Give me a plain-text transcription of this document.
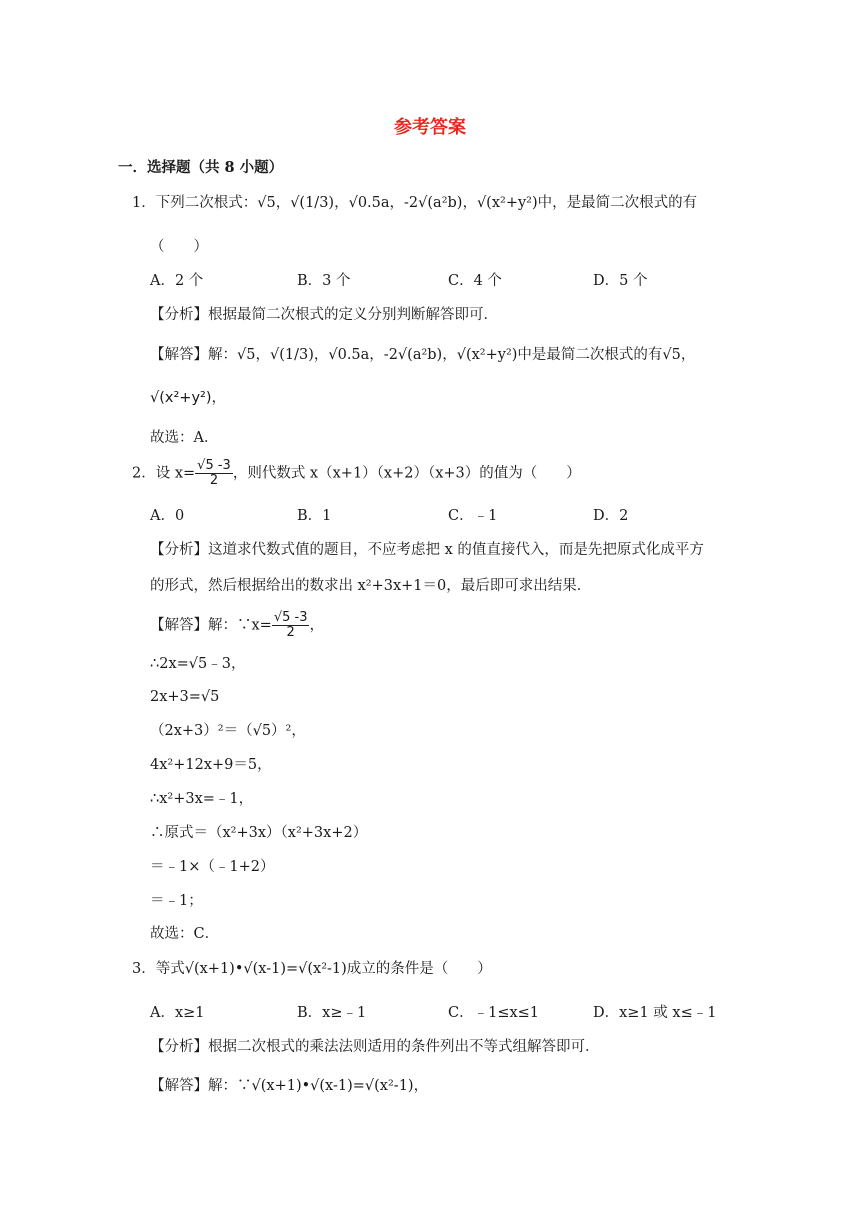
参考答案
一．选择题（共 8 小题）
1．下列二次根式：√5，√(1/3)，√0.5a，-2√(a²b)，√(x²+y²)中，是最简二次根式的有
（　　）
A．2 个	B．3 个	C．4 个	D．5 个
【分析】根据最简二次根式的定义分别判断解答即可．
【解答】解：√5，√(1/3)，√0.5a，-2√(a²b)，√(x²+y²)中是最简二次根式的有√5，
√(x²+y²)，
故选：A．
2．设 $x= \frac{√5 -3}{2}$ ，则代数式 x（x+1）（x+2）（x+3）的值为（　　）
A．0	B．1	C．﹣1	D．2
【分析】这道求代数式值的题目，不应考虑把 x 的值直接代入，而是先把原式化成平方
的形式，然后根据给出的数求出 x²+3x+1＝0，最后即可求出结果．
【解答】解：∵x= $\frac{√5 -3}{2}$ ，
∴2x=√5﹣3，
2x+3=√5
（2x+3）²＝（√5）²，
4x²+12x+9＝5，
∴x²+3x=﹣1，
∴原式＝（x²+3x）（x²+3x+2）
＝﹣1×（﹣1+2）
＝﹣1；
故选：C．
3．等式√(x+1)•√(x-1)=√(x²-1)成立的条件是（　　）
A．x≥1	B．x≥﹣1	C．﹣1≤x≤1	D．x≥1 或 x≤﹣1
【分析】根据二次根式的乘法法则适用的条件列出不等式组解答即可．
【解答】解：∵√(x+1)•√(x-1)=√(x²-1)，
